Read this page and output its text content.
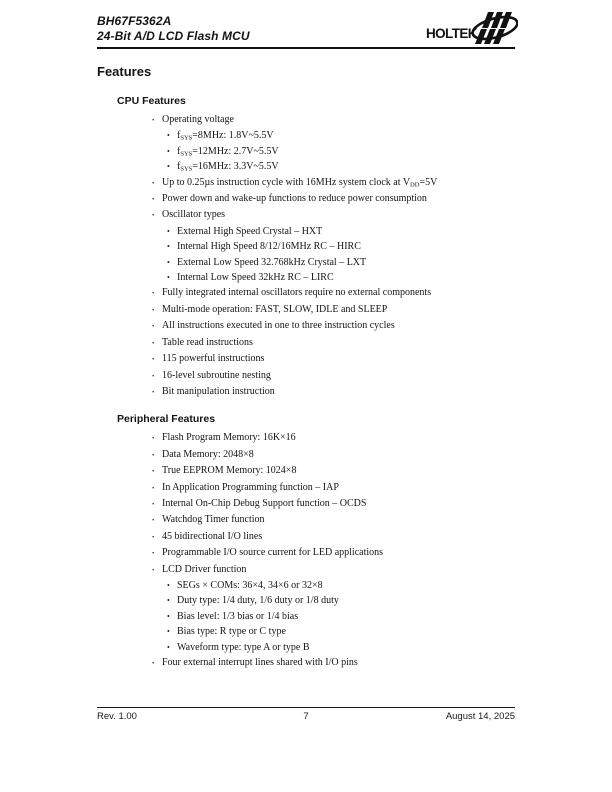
BH67F5362A
24-Bit A/D LCD Flash MCU	HOLTEK
Features
CPU Features
• Operating voltage
• $f_{SYS}=8MHz$: 1.8V~5.5V
• $f_{SYS}=12MHz$: 2.7V~5.5V
• $f_{SYS}=16MHz$: 3.3V~5.5V
• Up to 0.25µs instruction cycle with 16MHz system clock at $V_{DD}=5V$
• Power down and wake-up functions to reduce power consumption
• Oscillator types
• External High Speed Crystal – HXT
• Internal High Speed 8/12/16MHz RC – HIRC
• External Low Speed 32.768kHz Crystal – LXT
• Internal Low Speed 32kHz RC – LIRC
• Fully integrated internal oscillators require no external components
• Multi-mode operation: FAST, SLOW, IDLE and SLEEP
• All instructions executed in one to three instruction cycles
• Table read instructions
• 115 powerful instructions
• 16-level subroutine nesting
• Bit manipulation instruction
Peripheral Features
• Flash Program Memory: 16K×16
• Data Memory: 2048×8
• True EEPROM Memory: 1024×8
• In Application Programming function – IAP
• Internal On-Chip Debug Support function – OCDS
• Watchdog Timer function
• 45 bidirectional I/O lines
• Programmable I/O source current for LED applications
• LCD Driver function
• SEGs × COMs: 36×4, 34×6 or 32×8
• Duty type: 1/4 duty, 1/6 duty or 1/8 duty
• Bias level: 1/3 bias or 1/4 bias
• Bias type: R type or C type
• Waveform type: type A or type B
• Four external interrupt lines shared with I/O pins
Rev. 1.00	7	August 14, 2025
